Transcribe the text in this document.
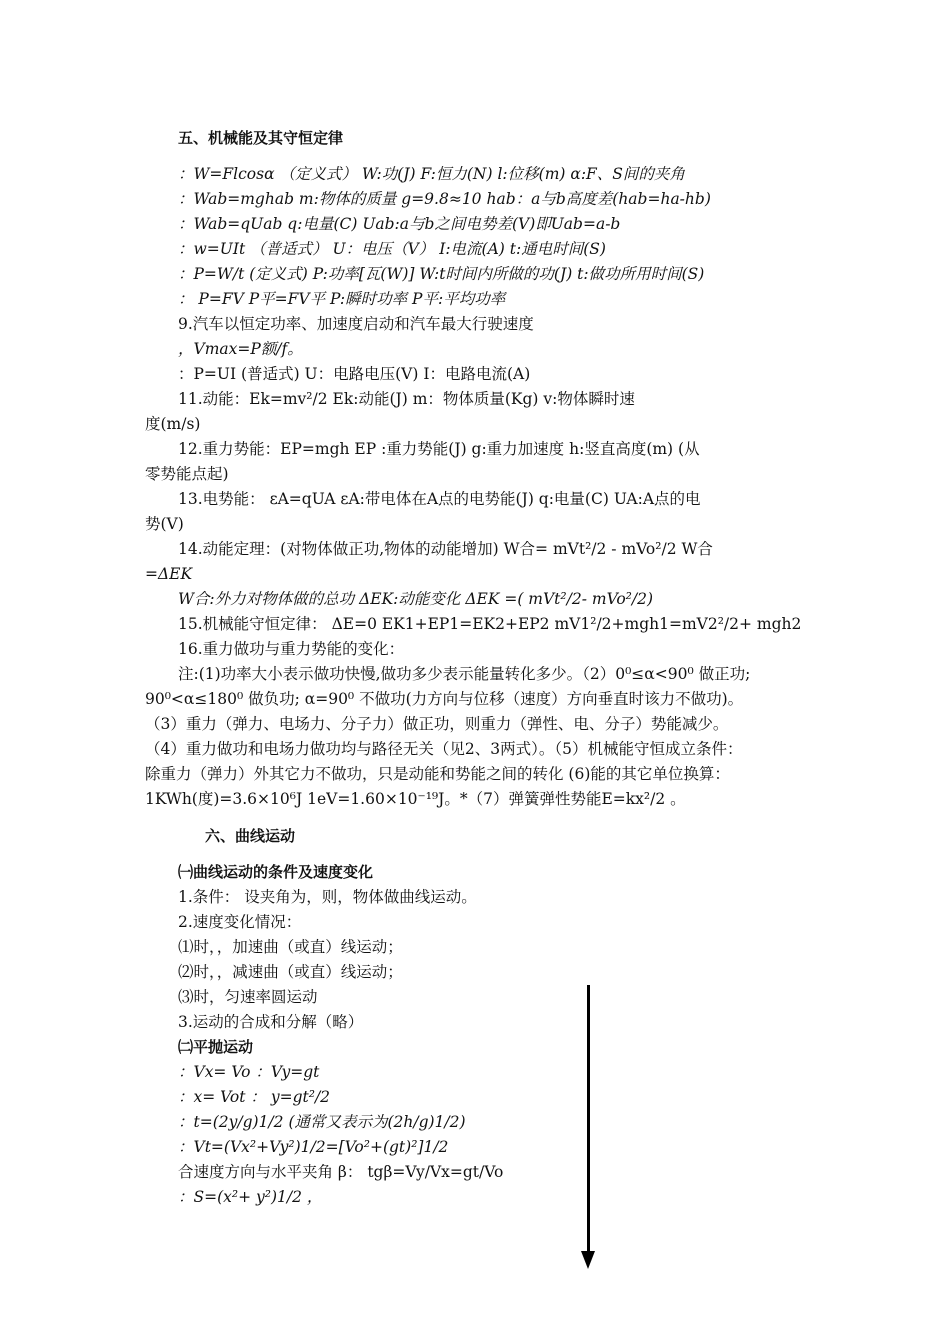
五、机械能及其守恒定律
：W=Flcosα （定义式） W:功(J) F:恒力(N) l:位移(m) α:F、S间的夹角
：Wab=mghab m:物体的质量 g=9.8≈10 hab：a与b高度差(hab=ha-hb)
：Wab=qUab q:电量(C) Uab:a与b之间电势差(V)即Uab=a-b
：w=UIt （普适式） U：电压（V） I:电流(A) t:通电时间(S)
：P=W/t (定义式) P:功率[瓦(W)] W:t时间内所做的功(J) t:做功所用时间(S)
： P=FV P平=FV平 P:瞬时功率 P平:平均功率
9.汽车以恒定功率、加速度启动和汽车最大行驶速度
，Vmax=P额/f。
：P=UI (普适式) U：电路电压(V) I：电路电流(A)
11.动能：Ek=mv²/2 Ek:动能(J) m：物体质量(Kg) v:物体瞬时速
度(m/s)
12.重力势能：EP=mgh EP :重力势能(J) g:重力加速度 h:竖直高度(m) (从
零势能点起)
13.电势能： εA=qUA εA:带电体在A点的电势能(J) q:电量(C) UA:A点的电
势(V)
14.动能定理：(对物体做正功,物体的动能增加) W合= mVt²/2 - mVo²/2 W合
=ΔEK
W合:外力对物体做的总功 ΔEK:动能变化 ΔEK =( mVt²/2- mVo²/2)
15.机械能守恒定律： ΔE=0 EK1+EP1=EK2+EP2 mV1²/2+mgh1=mV2²/2+ mgh2
16.重力做功与重力势能的变化：
注:(1)功率大小表示做功快慢,做功多少表示能量转化多少。（2）0⁰≤α<90⁰ 做正功;
90⁰<α≤180⁰ 做负功; α=90⁰ 不做功(力方向与位移（速度）方向垂直时该力不做功)。
（3）重力（弹力、电场力、分子力）做正功，则重力（弹性、电、分子）势能减少。
（4）重力做功和电场力做功均与路径无关（见2、3两式）。（5）机械能守恒成立条件：
除重力（弹力）外其它力不做功，只是动能和势能之间的转化 (6)能的其它单位换算：
1KWh(度)=3.6×10⁶J 1eV=1.60×10⁻¹⁹J。*（7）弹簧弹性势能E=kx²/2 。
六、曲线运动
㈠曲线运动的条件及速度变化
1.条件： 设夹角为，则，物体做曲线运动。
2.速度变化情况：
⑴时，，加速曲（或直）线运动；
⑵时，，减速曲（或直）线运动；
⑶时，匀速率圆运动
3.运动的合成和分解（略）
㈡平抛运动
：Vx= Vo ：Vy=gt
：x= Vot ： y=gt²/2
：t=(2y/g)1/2 (通常又表示为(2h/g)1/2)
：Vt=(Vx²+Vy²)1/2=[Vo²+(gt)²]1/2
合速度方向与水平夹角 β： tgβ=Vy/Vx=gt/Vo
：S=(x²+ y²)1/2 ，
